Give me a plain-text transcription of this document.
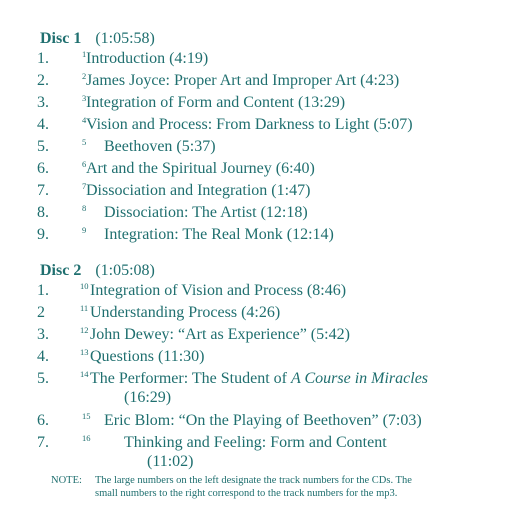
Disc 1 (1:05:58)
1.	1 Introduction (4:19)
2.	2 James Joyce: Proper Art and Improper Art (4:23)
3.	3 Integration of Form and Content (13:29)
4.	4 Vision and Process: From Darkness to Light (5:07)
5.	5 Beethoven (5:37)
6.	6 Art and the Spiritual Journey (6:40)
7.	7 Dissociation and Integration (1:47)
8.	8 Dissociation: The Artist (12:18)
9.	9 Integration: The Real Monk (12:14)
Disc 2 (1:05:08)
1.	10 Integration of Vision and Process (8:46)
2	11 Understanding Process (4:26)
3.	12 John Dewey: “Art as Experience” (5:42)
4.	13 Questions (11:30)
5.	14 The Performer: The Student of A Course in Miracles
(16:29)
6.	15 Eric Blom: “On the Playing of Beethoven” (7:03)
7.	16 Thinking and Feeling: Form and Content
(11:02)
NOTE: The large numbers on the left designate the track numbers for the CDs. The
small numbers to the right correspond to the track numbers for the mp3.
